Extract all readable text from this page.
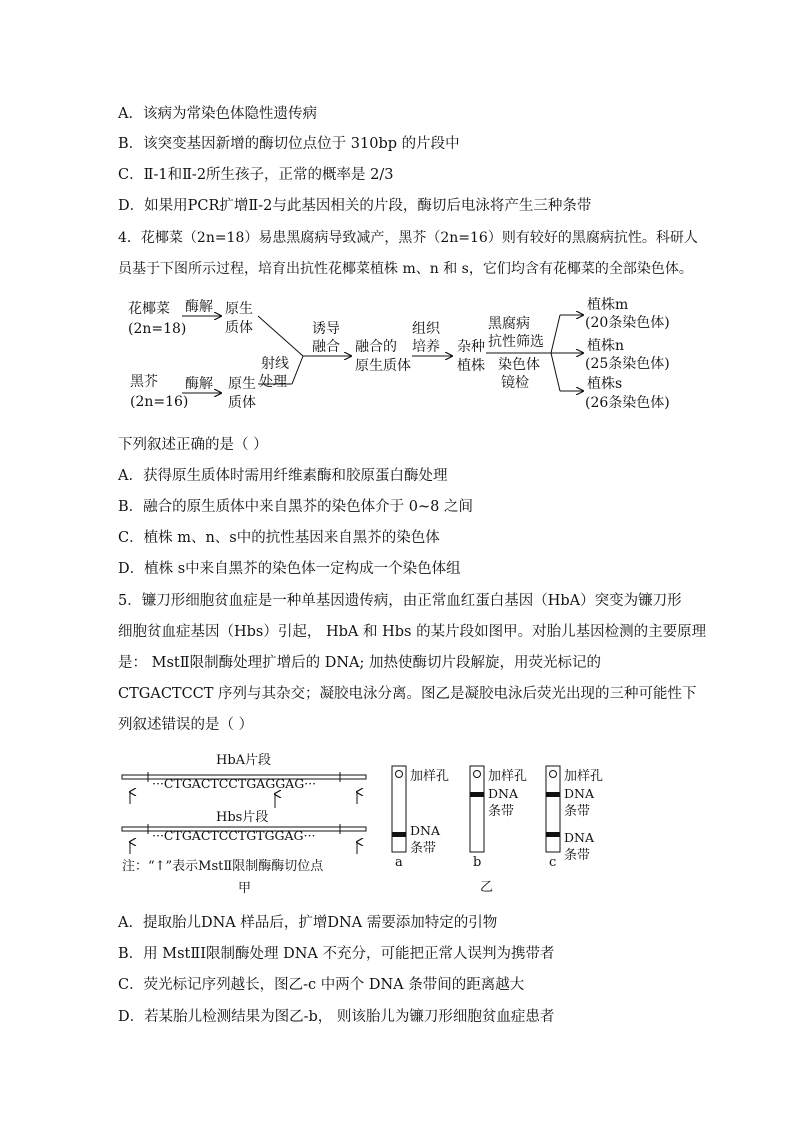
A．该病为常染色体隐性遗传病
B．该突变基因新增的酶切位点位于 310bp 的片段中
C．Ⅱ-1和Ⅱ-2所生孩子，正常的概率是 2/3
D．如果用PCR扩增Ⅱ-2与此基因相关的片段，酶切后电泳将产生三种条带
4．花椰菜（2n=18）易患黑腐病导致减产，黑芥（2n=16）则有较好的黑腐病抗性。科研人
员基于下图所示过程，培育出抗性花椰菜植株 m、n 和 s，它们均含有花椰菜的全部染色体。
花椰菜
(2n=18)
黑芥
(2n=16)
酶解
酶解
原生
质体
原生
质体
射线
处理
诱导
融合 融合的
原生质体
组织
培养 杂种
植株
黑腐病
抗性筛选
染色体
镜检
植株m
(20条染色体)
植株n
(25条染色体)
植株s
(26条染色体)
下列叙述正确的是（ ）
A．获得原生质体时需用纤维素酶和胶原蛋白酶处理
B．融合的原生质体中来自黑芥的染色体介于 0~8 之间
C．植株 m、n、s中的抗性基因来自黑芥的染色体
D．植株 s中来自黑芥的染色体一定构成一个染色体组
5．镰刀形细胞贫血症是一种单基因遗传病，由正常血红蛋白基因（HbA）突变为镰刀形
细胞贫血症基因（Hbs）引起， HbA 和 Hbs 的某片段如图甲。对胎儿基因检测的主要原理
是： MstⅡ限制酶处理扩增后的 DNA; 加热使酶切片段解旋，用荧光标记的
CTGACTCCT 序列与其杂交；凝胶电泳分离。图乙是凝胶电泳后荧光出现的三种可能性下
列叙述错误的是（ ）
HbA片段
···CTGACTCCTGAGGAG···
Hbs片段
···CTGACTCCTGTGGAG···
注：“↑”表示MstⅡ限制酶酶切位点
甲
加样孔
DNA
条带
a
加样孔
DNA
条带
b
加样孔
DNA
条带
DNA
条带
c
乙
A．提取胎儿DNA 样品后，扩增DNA 需要添加特定的引物
B．用 MstⅡI限制酶处理 DNA 不充分，可能把正常人误判为携带者
C．荧光标记序列越长，图乙-c 中两个 DNA 条带间的距离越大
D．若某胎儿检测结果为图乙-b， 则该胎儿为镰刀形细胞贫血症患者
